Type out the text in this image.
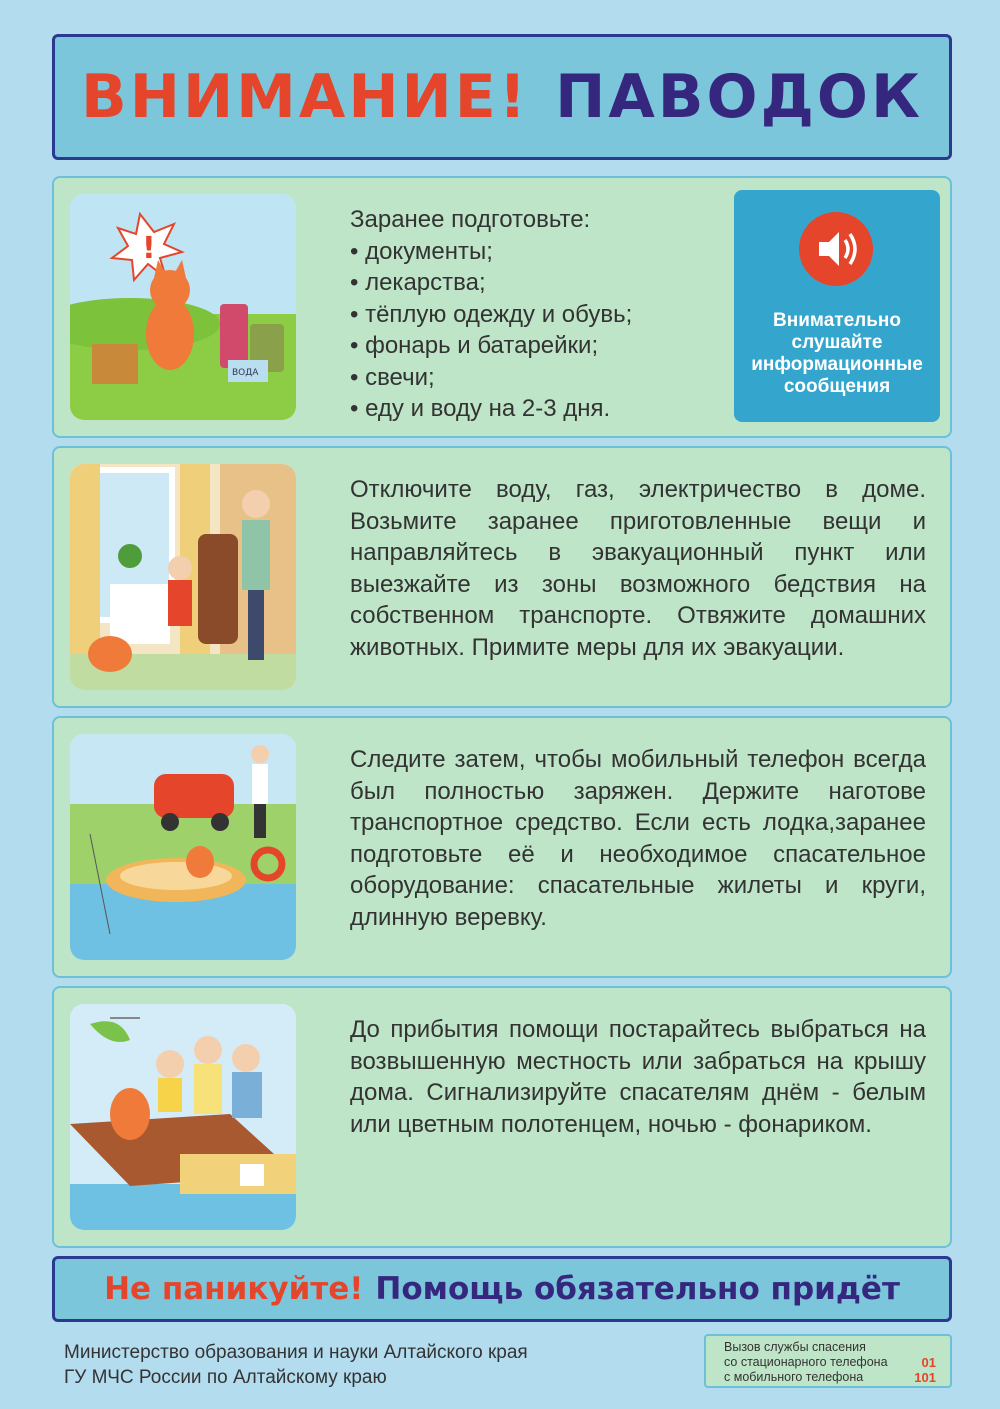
ВНИМАНИЕ! ПАВОДОК
!
ВОДА
Заранее подготовьте:
• документы;
• лекарства;
• тёплую одежду и обувь;
• фонарь и батарейки;
• свечи;
• еду и воду на 2-3 дня.
Внимательно слушайте информационные сообщения

Отключите воду, газ, электричество в доме. Возьмите заранее приготовленные вещи и направляйтесь в эвакуационный пункт или выезжайте из зоны возможного бедствия на собственном транспорте. Отвяжите домашних животных. Примите меры для их эвакуации.

Следите затем, чтобы мобильный телефон всегда был полностью заряжен. Держите наготове транспортное средство. Если есть лодка,заранее подготовьте её и необходимое спасательное оборудование: спасательные жилеты и круги, длинную веревку.

До прибытия помощи постарайтесь выбраться на возвышенную местность или забраться на крышу дома. Сигнализируйте спасателям днём - белым или цветным полотенцем, ночью - фонариком.

Не паникуйте! Помощь обязательно придёт
Министерство образования и науки Алтайского края
ГУ МЧС России по Алтайскому краю
Вызов службы спасения
со стационарного телефона	01
с мобильного телефона	101
